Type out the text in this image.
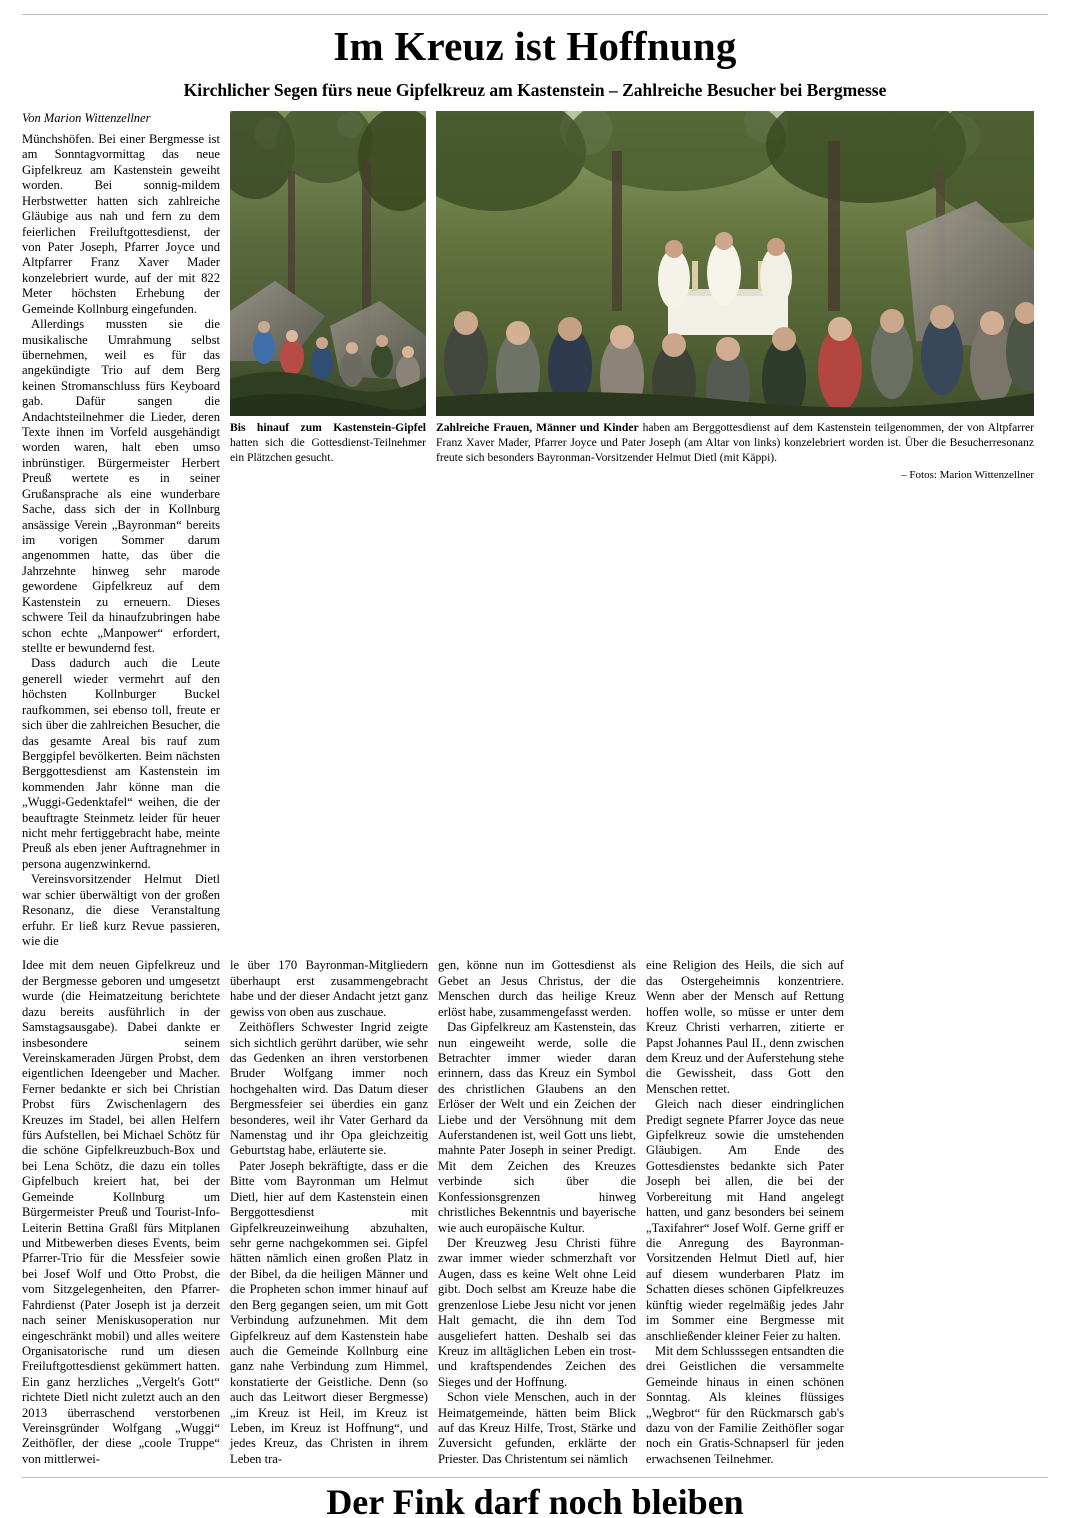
Im Kreuz ist Hoffnung
Kirchlicher Segen fürs neue Gipfelkreuz am Kastenstein – Zahlreiche Besucher bei Bergmesse
Von Marion Wittenzellner

Münchshöfen. Bei einer Bergmesse ist am Sonntagvormittag das neue Gipfelkreuz am Kastenstein geweiht worden. Bei sonnig-mildem Herbstwetter hatten sich zahlreiche Gläubige aus nah und fern zu dem feierlichen Freiluftgottesdienst, der von Pater Joseph, Pfarrer Joyce und Altpfarrer Franz Xaver Mader konzelebriert wurde, auf der mit 822 Meter höchsten Erhebung der Gemeinde Kollnburg eingefunden.

Allerdings mussten sie die musikalische Umrahmung selbst übernehmen, weil es für das angekündigte Trio auf dem Berg keinen Stromanschluss fürs Keyboard gab. Dafür sangen die Andachtsteilnehmer die Lieder, deren Texte ihnen im Vorfeld ausgehändigt worden waren, halt eben umso inbrünstiger. Bürgermeister Herbert Preuß wertete es in seiner Grußansprache als eine wunderbare Sache, dass sich der in Kollnburg ansässige Verein „Bayronman“ bereits im vorigen Sommer darum angenommen hatte, das über die Jahrzehnte hinweg sehr marode gewordene Gipfelkreuz auf dem Kastenstein zu erneuern. Dieses schwere Teil da hinaufzubringen habe schon echte „Manpower“ erfordert, stellte er bewundernd fest.

Dass dadurch auch die Leute generell wieder vermehrt auf den höchsten Kollnburger Buckel raufkommen, sei ebenso toll, freute er sich über die zahlreichen Besucher, die das gesamte Areal bis rauf zum Berggipfel bevölkerten. Beim nächsten Berggottesdienst am Kastenstein im kommenden Jahr könne man die „Wuggi-Gedenktafel“ weihen, die der beauftragte Steinmetz leider für heuer nicht mehr fertiggebracht habe, meinte Preuß als eben jener Auftragnehmer in persona augenzwinkernd.

Vereinsvorsitzender Helmut Dietl war schier überwältigt von der großen Resonanz, die diese Veranstaltung erfuhr. Er ließ kurz Revue passieren, wie die

Bis hinauf zum Kastenstein-Gipfel hatten sich die Gottesdienst-Teilnehmer ein Plätzchen gesucht.
Zahlreiche Frauen, Männer und Kinder haben am Berggottesdienst auf dem Kastenstein teilgenommen, der von Altpfarrer Franz Xaver Mader, Pfarrer Joyce und Pater Joseph (am Altar von links) konzelebriert worden ist. Über die Besucherresonanz freute sich besonders Bayronman-Vorsitzender Helmut Dietl (mit Käppi).
– Fotos: Marion Wittenzellner

Idee mit dem neuen Gipfelkreuz und der Bergmesse geboren und umgesetzt wurde (die Heimatzeitung berichtete dazu bereits ausführlich in der Samstagsausgabe). Dabei dankte er insbesondere seinem Vereinskameraden Jürgen Probst, dem eigentlichen Ideengeber und Macher. Ferner bedankte er sich bei Christian Probst fürs Zwischenlagern des Kreuzes im Stadel, bei allen Helfern fürs Aufstellen, bei Michael Schötz für die schöne Gipfelkreuzbuch-Box und bei Lena Schötz, die dazu ein tolles Gipfelbuch kreiert hat, bei der Gemeinde Kollnburg um Bürgermeister Preuß und Tourist-Info-Leiterin Bettina Graßl fürs Mitplanen und Mitbewerben dieses Events, beim Pfarrer-Trio für die Messfeier sowie bei Josef Wolf und Otto Probst, die vom Sitzgelegenheiten, den Pfarrer-Fahrdienst (Pater Joseph ist ja derzeit nach seiner Meniskusoperation nur eingeschränkt mobil) und alles weitere Organisatorische rund um diesen Freiluftgottesdienst gekümmert hatten. Ein ganz herzliches „Vergelt's Gott“ richtete Dietl nicht zuletzt auch an den 2013 überraschend verstorbenen Vereinsgründer Wolfgang „Wuggi“ Zeithöfler, der diese „coole Truppe“ von mittlerwei-

le über 170 Bayronman-Mitgliedern überhaupt erst zusammengebracht habe und der dieser Andacht jetzt ganz gewiss von oben aus zuschaue.

Zeithöflers Schwester Ingrid zeigte sich sichtlich gerührt darüber, wie sehr das Gedenken an ihren verstorbenen Bruder Wolfgang immer noch hochgehalten wird. Das Datum dieser Bergmessfeier sei überdies ein ganz besonderes, weil ihr Vater Gerhard da Namenstag und ihr Opa gleichzeitig Geburtstag habe, erläuterte sie.

Pater Joseph bekräftigte, dass er die Bitte vom Bayronman um Helmut Dietl, hier auf dem Kastenstein einen Berggottesdienst mit Gipfelkreuzeinweihung abzuhalten, sehr gerne nachgekommen sei. Gipfel hätten nämlich einen großen Platz in der Bibel, da die heiligen Männer und die Propheten schon immer hinauf auf den Berg gegangen seien, um mit Gott Verbindung aufzunehmen. Mit dem Gipfelkreuz auf dem Kastenstein habe auch die Gemeinde Kollnburg eine ganz nahe Verbindung zum Himmel, konstatierte der Geistliche. Denn (so auch das Leitwort dieser Bergmesse) „im Kreuz ist Heil, im Kreuz ist Leben, im Kreuz ist Hoffnung“, und jedes Kreuz, das Christen in ihrem Leben tra-

gen, könne nun im Gottesdienst als Gebet an Jesus Christus, der die Menschen durch das heilige Kreuz erlöst habe, zusammengefasst werden.

Das Gipfelkreuz am Kastenstein, das nun eingeweiht werde, solle die Betrachter immer wieder daran erinnern, dass das Kreuz ein Symbol des christlichen Glaubens an den Erlöser der Welt und ein Zeichen der Liebe und der Versöhnung mit dem Auferstandenen ist, weil Gott uns liebt, mahnte Pater Joseph in seiner Predigt. Mit dem Zeichen des Kreuzes verbinde sich über die Konfessionsgrenzen hinweg christliches Bekenntnis und bayerische wie auch europäische Kultur.

Der Kreuzweg Jesu Christi führe zwar immer wieder schmerzhaft vor Augen, dass es keine Welt ohne Leid gibt. Doch selbst am Kreuze habe die grenzenlose Liebe Jesu nicht vor jenen Halt gemacht, die ihn dem Tod ausgeliefert hatten. Deshalb sei das Kreuz im alltäglichen Leben ein trost- und kraftspendendes Zeichen des Sieges und der Hoffnung.

Schon viele Menschen, auch in der Heimatgemeinde, hätten beim Blick auf das Kreuz Hilfe, Trost, Stärke und Zuversicht gefunden, erklärte der Priester. Das Christentum sei nämlich

eine Religion des Heils, die sich auf das Ostergeheimnis konzentriere. Wenn aber der Mensch auf Rettung hoffen wolle, so müsse er unter dem Kreuz Christi verharren, zitierte er Papst Johannes Paul II., denn zwischen dem Kreuz und der Auferstehung stehe die Gewissheit, dass Gott den Menschen rettet.

Gleich nach dieser eindringlichen Predigt segnete Pfarrer Joyce das neue Gipfelkreuz sowie die umstehenden Gläubigen. Am Ende des Gottesdienstes bedankte sich Pater Joseph bei allen, die bei der Vorbereitung mit Hand angelegt hatten, und ganz besonders bei seinem „Taxifahrer“ Josef Wolf. Gerne griff er die Anregung des Bayronman-Vorsitzenden Helmut Dietl auf, hier auf diesem wunderbaren Platz im Schatten dieses schönen Gipfelkreuzes künftig wieder regelmäßig jedes Jahr im Sommer eine Bergmesse mit anschließender kleiner Feier zu halten.

Mit dem Schlusssegen entsandten die drei Geistlichen die versammelte Gemeinde hinaus in einen schönen Sonntag. Als kleines flüssiges „Wegbrot“ für den Rückmarsch gab's dazu von der Familie Zeithöfler sogar noch ein Gratis-Schnapserl für jeden erwachsenen Teilnehmer.

Der Fink darf noch bleiben
